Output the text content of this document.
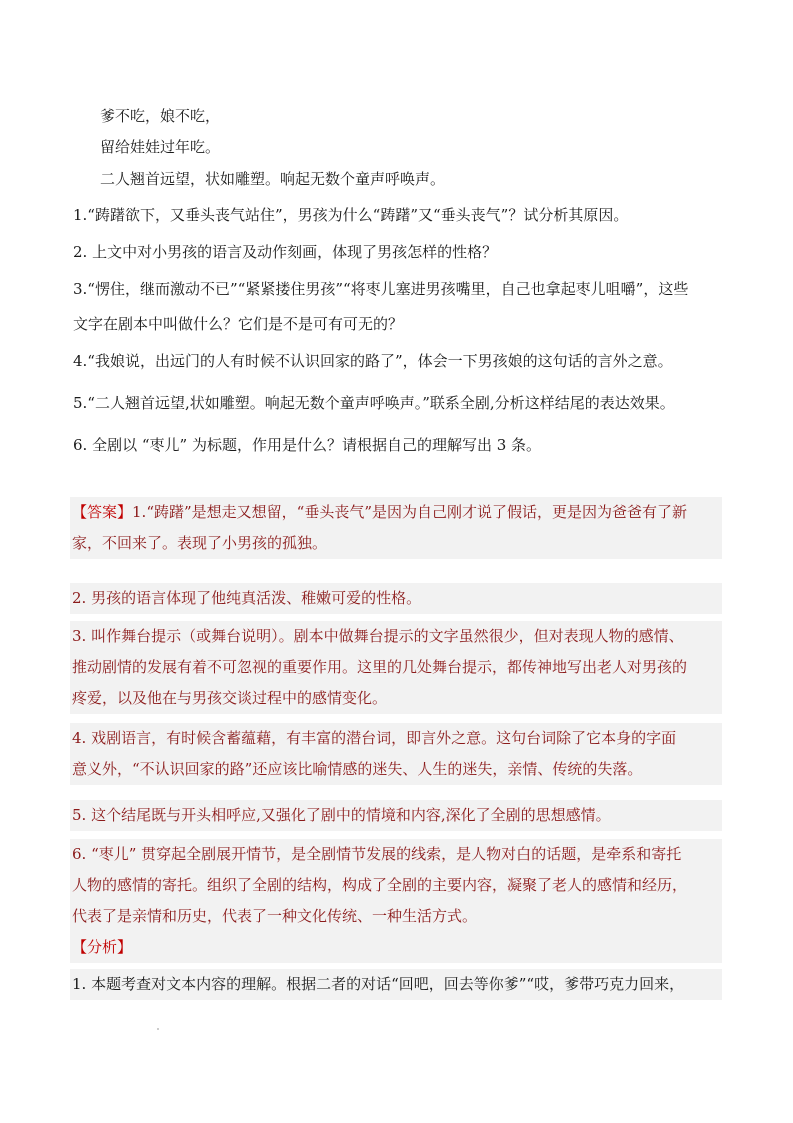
爹不吃，娘不吃，
留给娃娃过年吃。
二人翘首远望，状如雕塑。响起无数个童声呼唤声。
1.“踌躇欲下，又垂头丧气站住”，男孩为什么“踌躇”又“垂头丧气”？试分析其原因。
2. 上文中对小男孩的语言及动作刻画，体现了男孩怎样的性格？
3.“愣住，继而激动不已”“紧紧搂住男孩”“将枣儿塞进男孩嘴里，自己也拿起枣儿咀嚼”，这些
文字在剧本中叫做什么？它们是不是可有可无的？
4.“我娘说，出远门的人有时候不认识回家的路了”，体会一下男孩娘的这句话的言外之意。
5.“二人翘首远望,状如雕塑。响起无数个童声呼唤声。”联系全剧,分析这样结尾的表达效果。
6. 全剧以 “枣儿” 为标题，作用是什么？请根据自己的理解写出 3 条。
【答案】1.“踌躇”是想走又想留，“垂头丧气”是因为自己刚才说了假话，更是因为爸爸有了新
家，不回来了。表现了小男孩的孤独。
2. 男孩的语言体现了他纯真活泼、稚嫩可爱的性格。
3. 叫作舞台提示（或舞台说明）。剧本中做舞台提示的文字虽然很少，但对表现人物的感情、
推动剧情的发展有着不可忽视的重要作用。这里的几处舞台提示，都传神地写出老人对男孩的
疼爱，以及他在与男孩交谈过程中的感情变化。
4. 戏剧语言，有时候含蓄蕴藉，有丰富的潜台词，即言外之意。这句台词除了它本身的字面
意义外，“不认识回家的路”还应该比喻情感的迷失、人生的迷失，亲情、传统的失落。
5. 这个结尾既与开头相呼应,又强化了剧中的情境和内容,深化了全剧的思想感情。
6. “枣儿” 贯穿起全剧展开情节，是全剧情节发展的线索，是人物对白的话题，是牵系和寄托
人物的感情的寄托。组织了全剧的结构，构成了全剧的主要内容，凝聚了老人的感情和经历，
代表了是亲情和历史，代表了一种文化传统、一种生活方式。
【分析】
1. 本题考查对文本内容的理解。根据二者的对话“回吧，回去等你爹”“哎，爹带巧克力回来，
